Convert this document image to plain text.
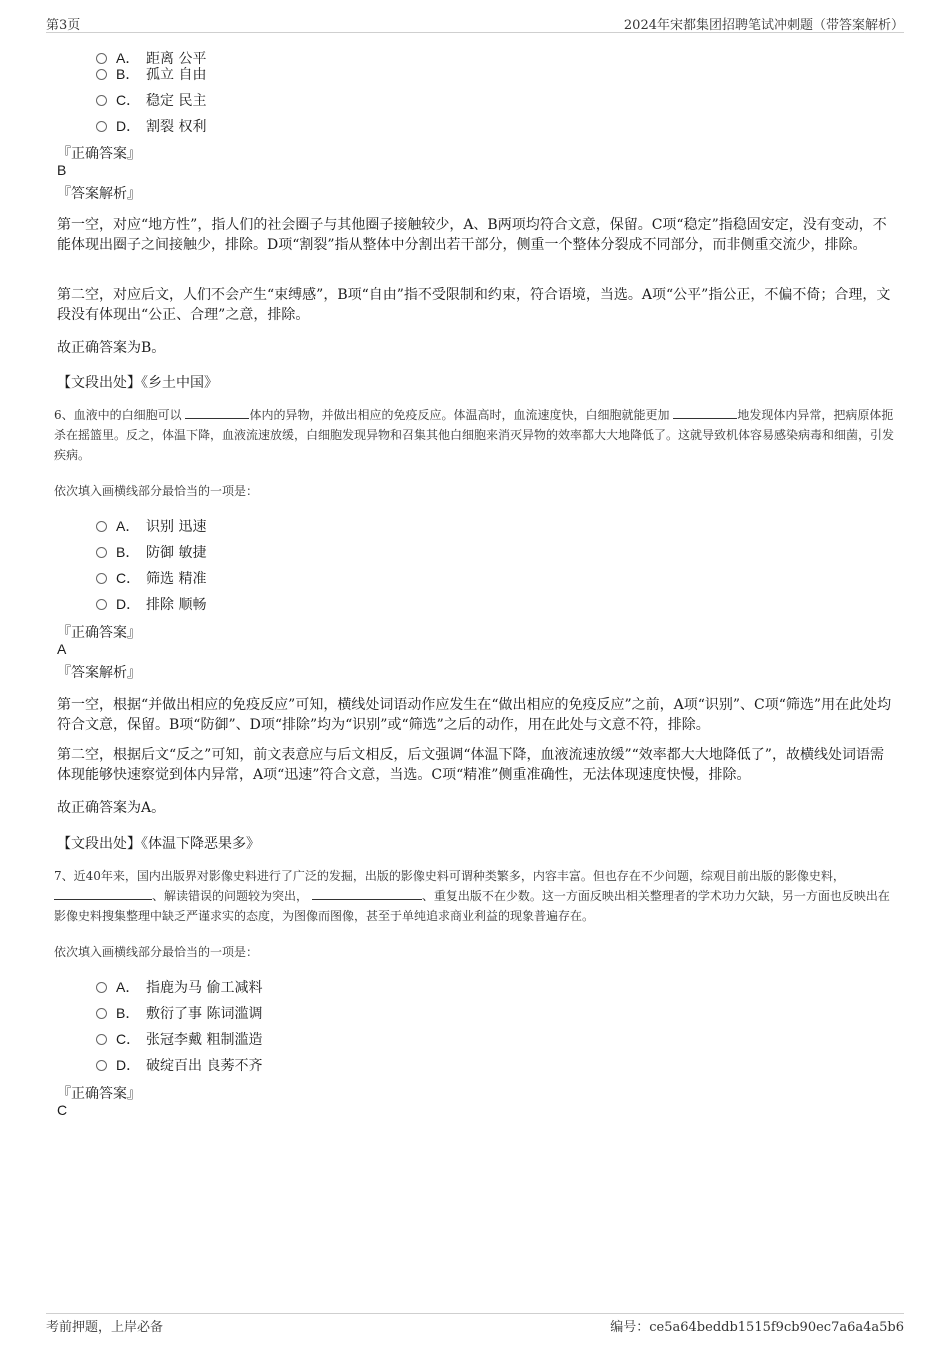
第3页	2024年宋都集团招聘笔试冲刺题（带答案解析）
A． 距离 公平
B． 孤立 自由
C． 稳定 民主
D． 割裂 权利
『正确答案』
B
『答案解析』
第一空，对应“地方性”，指人们的社会圈子与其他圈子接触较少，A、B两项均符合文意，保留。C项“稳定”指稳固安定，没有变动，不能体现出圈子之间接触少，排除。D项“割裂”指从整体中分割出若干部分，侧重一个整体分裂成不同部分，而非侧重交流少，排除。
第二空，对应后文，人们不会产生“束缚感”，B项“自由”指不受限制和约束，符合语境，当选。A项“公平”指公正，不偏不倚；合理，文段没有体现出“公正、合理”之意，排除。
故正确答案为B。
【文段出处】《乡土中国》
6、血液中的白细胞可以	体内的异物，并做出相应的免疫反应。体温高时，血流速度快，白细胞就能更加	地发现体内异常，把病原体扼杀在摇篮里。反之，体温下降，血液流速放缓，白细胞发现异物和召集其他白细胞来消灭异物的效率都大大地降低了。这就导致机体容易感染病毒和细菌，引发疾病。
依次填入画横线部分最恰当的一项是：
A． 识别 迅速
B． 防御 敏捷
C． 筛选 精准
D． 排除 顺畅
『正确答案』
A
『答案解析』
第一空，根据“并做出相应的免疫反应”可知，横线处词语动作应发生在“做出相应的免疫反应”之前，A项“识别”、C项“筛选”用在此处均符合文意，保留。B项“防御”、D项“排除”均为“识别”或“筛选”之后的动作，用在此处与文意不符，排除。
第二空，根据后文“反之”可知，前文表意应与后文相反，后文强调“体温下降，血液流速放缓”“效率都大大地降低了”，故横线处词语需体现能够快速察觉到体内异常，A项“迅速”符合文意，当选。C项“精准”侧重准确性，无法体现速度快慢，排除。
故正确答案为A。
【文段出处】《体温下降恶果多》
7、近40年来，国内出版界对影像史料进行了广泛的发掘，出版的影像史料可谓种类繁多，内容丰富。但也存在不少问题，综观目前出版的影像史料， 、解读错误的问题较为突出，	、重复出版不在少数。这一方面反映出相关整理者的学术功力欠缺，另一方面也反映出在影像史料搜集整理中缺乏严谨求实的态度，为图像而图像，甚至于单纯追求商业利益的现象普遍存在。
依次填入画横线部分最恰当的一项是：
A． 指鹿为马 偷工减料
B． 敷衍了事 陈词滥调
C． 张冠李戴 粗制滥造
D． 破绽百出 良莠不齐
『正确答案』
C
考前押题，上岸必备	编号：ce5a64beddb1515f9cb90ec7a6a4a5b6
